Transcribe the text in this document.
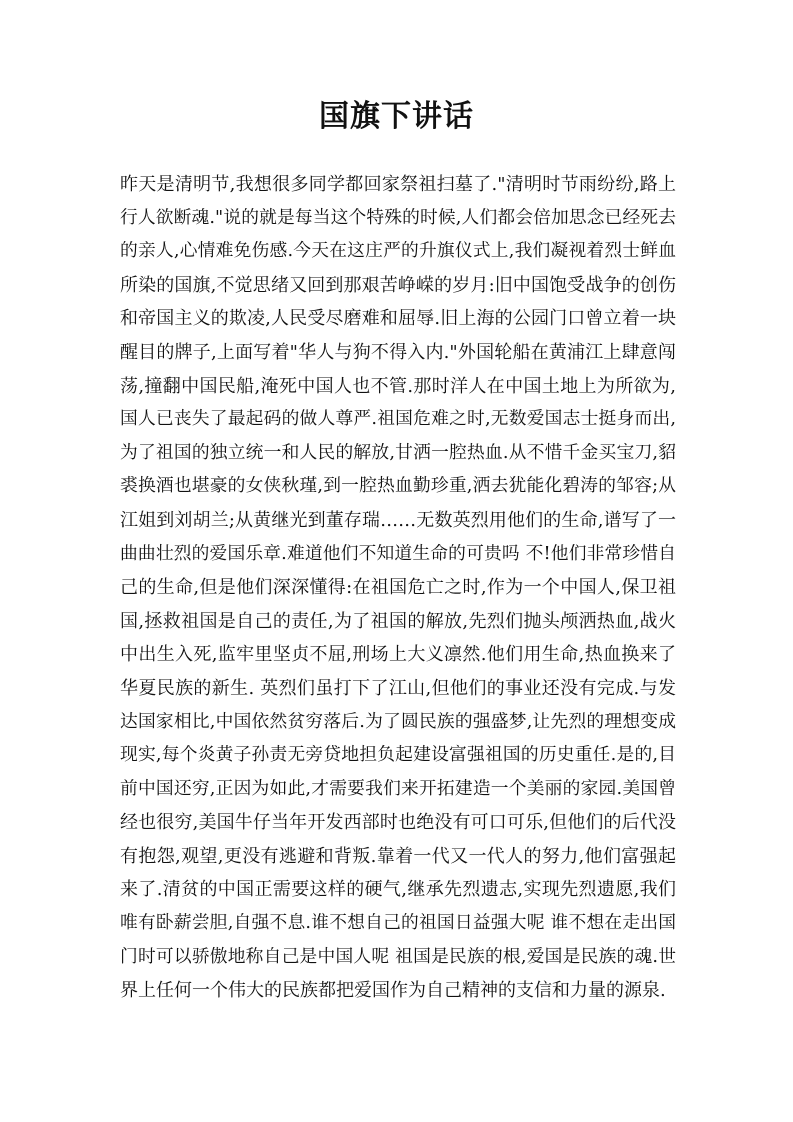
国旗下讲话
昨天是清明节,我想很多同学都回家祭祖扫墓了."清明时节雨纷纷,路上
行人欲断魂."说的就是每当这个特殊的时候,人们都会倍加思念已经死去
的亲人,心情难免伤感.今天在这庄严的升旗仪式上,我们凝视着烈士鲜血
所染的国旗,不觉思绪又回到那艰苦峥嵘的岁月:旧中国饱受战争的创伤
和帝国主义的欺凌,人民受尽磨难和屈辱.旧上海的公园门口曾立着一块
醒目的牌子,上面写着"华人与狗不得入内."外国轮船在黄浦江上肆意闯
荡,撞翻中国民船,淹死中国人也不管.那时洋人在中国土地上为所欲为,
国人已丧失了最起码的做人尊严.祖国危难之时,无数爱国志士挺身而出,
为了祖国的独立统一和人民的解放,甘洒一腔热血.从不惜千金买宝刀,貂
裘换酒也堪豪的女侠秋瑾,到一腔热血勤珍重,洒去犹能化碧涛的邹容;从
江姐到刘胡兰;从黄继光到董存瑞……无数英烈用他们的生命,谱写了一
曲曲壮烈的爱国乐章.难道他们不知道生命的可贵吗 不!他们非常珍惜自
己的生命,但是他们深深懂得:在祖国危亡之时,作为一个中国人,保卫祖
国,拯救祖国是自己的责任,为了祖国的解放,先烈们抛头颅洒热血,战火
中出生入死,监牢里坚贞不屈,刑场上大义凛然.他们用生命,热血换来了
华夏民族的新生. 英烈们虽打下了江山,但他们的事业还没有完成.与发
达国家相比,中国依然贫穷落后.为了圆民族的强盛梦,让先烈的理想变成
现实,每个炎黄子孙责无旁贷地担负起建设富强祖国的历史重任.是的,目
前中国还穷,正因为如此,才需要我们来开拓建造一个美丽的家园.美国曾
经也很穷,美国牛仔当年开发西部时也绝没有可口可乐,但他们的后代没
有抱怨,观望,更没有逃避和背叛.靠着一代又一代人的努力,他们富强起
来了.清贫的中国正需要这样的硬气,继承先烈遗志,实现先烈遗愿,我们
唯有卧薪尝胆,自强不息.谁不想自己的祖国日益强大呢 谁不想在走出国
门时可以骄傲地称自己是中国人呢 祖国是民族的根,爱国是民族的魂.世
界上任何一个伟大的民族都把爱国作为自己精神的支信和力量的源泉.
